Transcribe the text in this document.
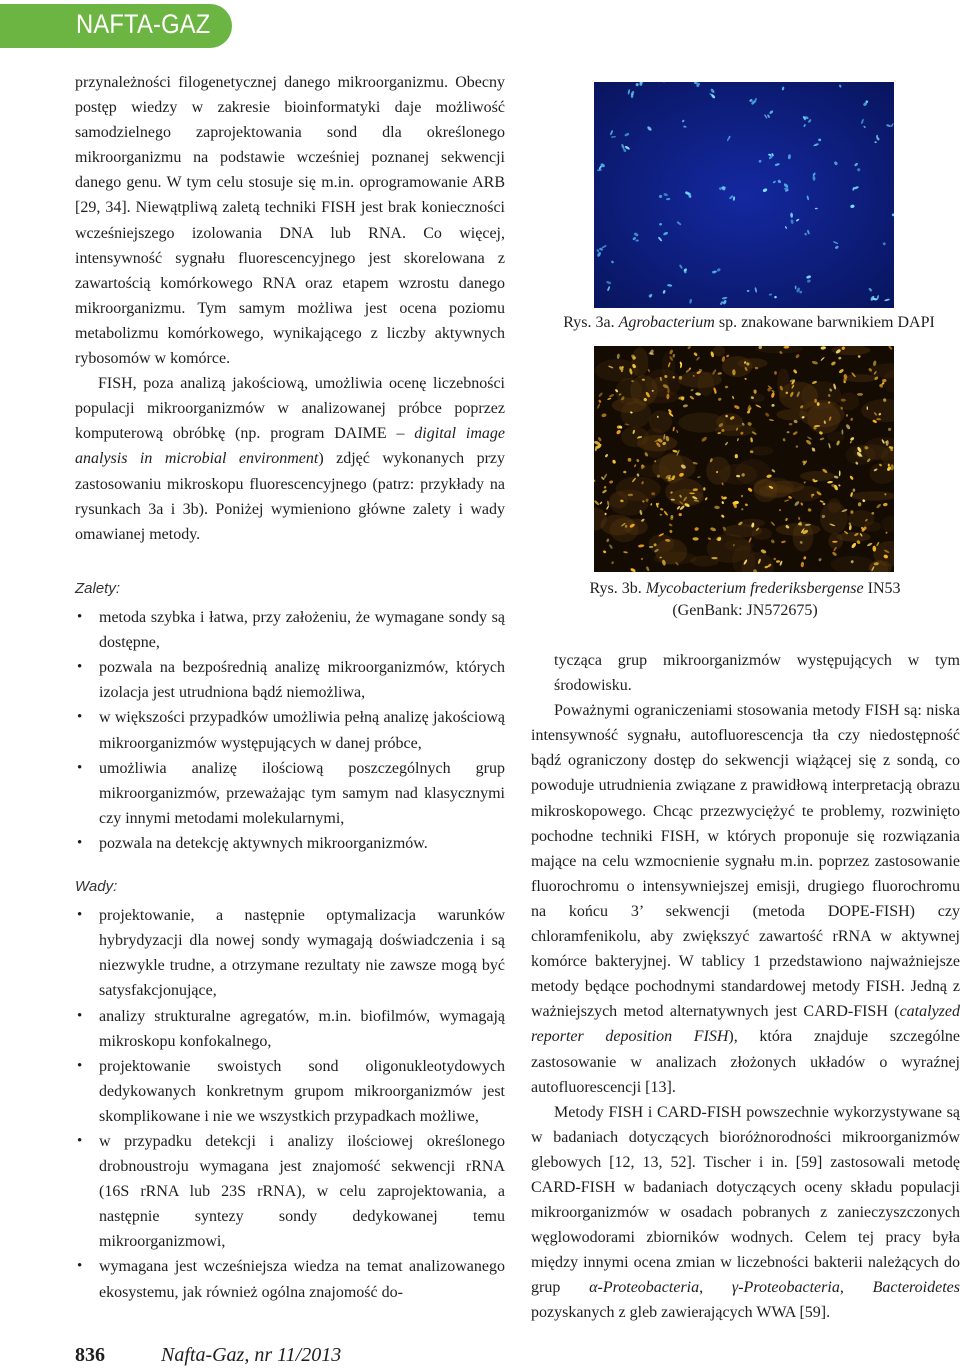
NAFTA-GAZ

przynależności filogenetycznej danego mikroorganizmu. Obecny postęp wiedzy w zakresie bioinformatyki daje możliwość samodzielnego zaprojektowania sond dla określonego mikroorganizmu na podstawie wcześniej poznanej sekwencji danego genu. W tym celu stosuje się m.in. oprogramowanie ARB [29, 34]. Niewątpliwą zaletą techniki FISH jest brak konieczności wcześniejszego izolowania DNA lub RNA. Co więcej, intensywność sygnału fluorescencyjnego jest skorelowana z zawartością komórkowego RNA oraz etapem wzrostu danego mikroorganizmu. Tym samym możliwa jest ocena poziomu metabolizmu komórkowego, wynikającego z liczby aktywnych rybosomów w komórce.

FISH, poza analizą jakościową, umożliwia ocenę liczebności populacji mikroorganizmów w analizowanej próbce poprzez komputerową obróbkę (np. program DAIME – digital image analysis in microbial environment) zdjęć wykonanych przy zastosowaniu mikroskopu fluorescencyjnego (patrz: przykłady na rysunkach 3a i 3b). Poniżej wymieniono główne zalety i wady omawianej metody.

Zalety:
• metoda szybka i łatwa, przy założeniu, że wymagane sondy są dostępne,
• pozwala na bezpośrednią analizę mikroorganizmów, których izolacja jest utrudniona bądź niemożliwa,
• w większości przypadków umożliwia pełną analizę jakościową mikroorganizmów występujących w danej próbce,
• umożliwia analizę ilościową poszczególnych grup mikroorganizmów, przeważając tym samym nad klasycznymi czy innymi metodami molekularnymi,
• pozwala na detekcję aktywnych mikroorganizmów.
Wady:
• projektowanie, a następnie optymalizacja warunków hybrydyzacji dla nowej sondy wymagają doświadczenia i są niezwykle trudne, a otrzymane rezultaty nie zawsze mogą być satysfakcjonujące,
• analizy strukturalne agregatów, m.in. biofilmów, wymagają mikroskopu konfokalnego,
• projektowanie swoistych sond oligonukleotydowych dedykowanych konkretnym grupom mikroorganizmów jest skomplikowane i nie we wszystkich przypadkach możliwe,
• w przypadku detekcji i analizy ilościowej określonego drobnoustroju wymagana jest znajomość sekwencji rRNA (16S rRNA lub 23S rRNA), w celu zaprojektowania, a następnie syntezy sondy dedykowanej temu mikroorganizmowi,
• wymagana jest wcześniejsza wiedza na temat analizowanego ekosystemu, jak również ogólna znajomość do-
Rys. 3a. Agrobacterium sp. znakowane barwnikiem DAPI
Rys. 3b. Mycobacterium frederiksbergense IN53
(GenBank: JN572675)

tycząca grup mikroorganizmów występujących w tym środowisku.

Poważnymi ograniczeniami stosowania metody FISH są: niska intensywność sygnału, autofluorescencja tła czy niedostępność bądź ograniczony dostęp do sekwencji wiążącej się z sondą, co powoduje utrudnienia związane z prawidłową interpretacją obrazu mikroskopowego. Chcąc przezwyciężyć te problemy, rozwinięto pochodne techniki FISH, w których proponuje się rozwiązania mające na celu wzmocnienie sygnału m.in. poprzez zastosowanie fluorochromu o intensywniejszej emisji, drugiego fluorochromu na końcu 3’ sekwencji (metoda DOPE-FISH) czy chloramfenikolu, aby zwiększyć zawartość rRNA w aktywnej komórce bakteryjnej. W tablicy 1 przedstawiono najważniejsze metody będące pochodnymi standardowej metody FISH. Jedną z ważniejszych metod alternatywnych jest CARD-FISH (catalyzed reporter deposition FISH), która znajduje szczególne zastosowanie w analizach złożonych układów o wyraźnej autofluorescencji [13].

Metody FISH i CARD-FISH powszechnie wykorzystywane są w badaniach dotyczących bioróżnorodności mikroorganizmów glebowych [12, 13, 52]. Tischer i in. [59] zastosowali metodę CARD-FISH w badaniach dotyczących oceny składu populacji mikroorganizmów w osadach pobranych z zanieczyszczonych węglowodorami zbiorników wodnych. Celem tej pracy była między innymi ocena zmian w liczebności bakterii należących do grup α-Proteobacteria, γ-Proteobacteria, Bacteroidetes pozyskanych z gleb zawierających WWA [59].

836	Nafta-Gaz, nr 11/2013
